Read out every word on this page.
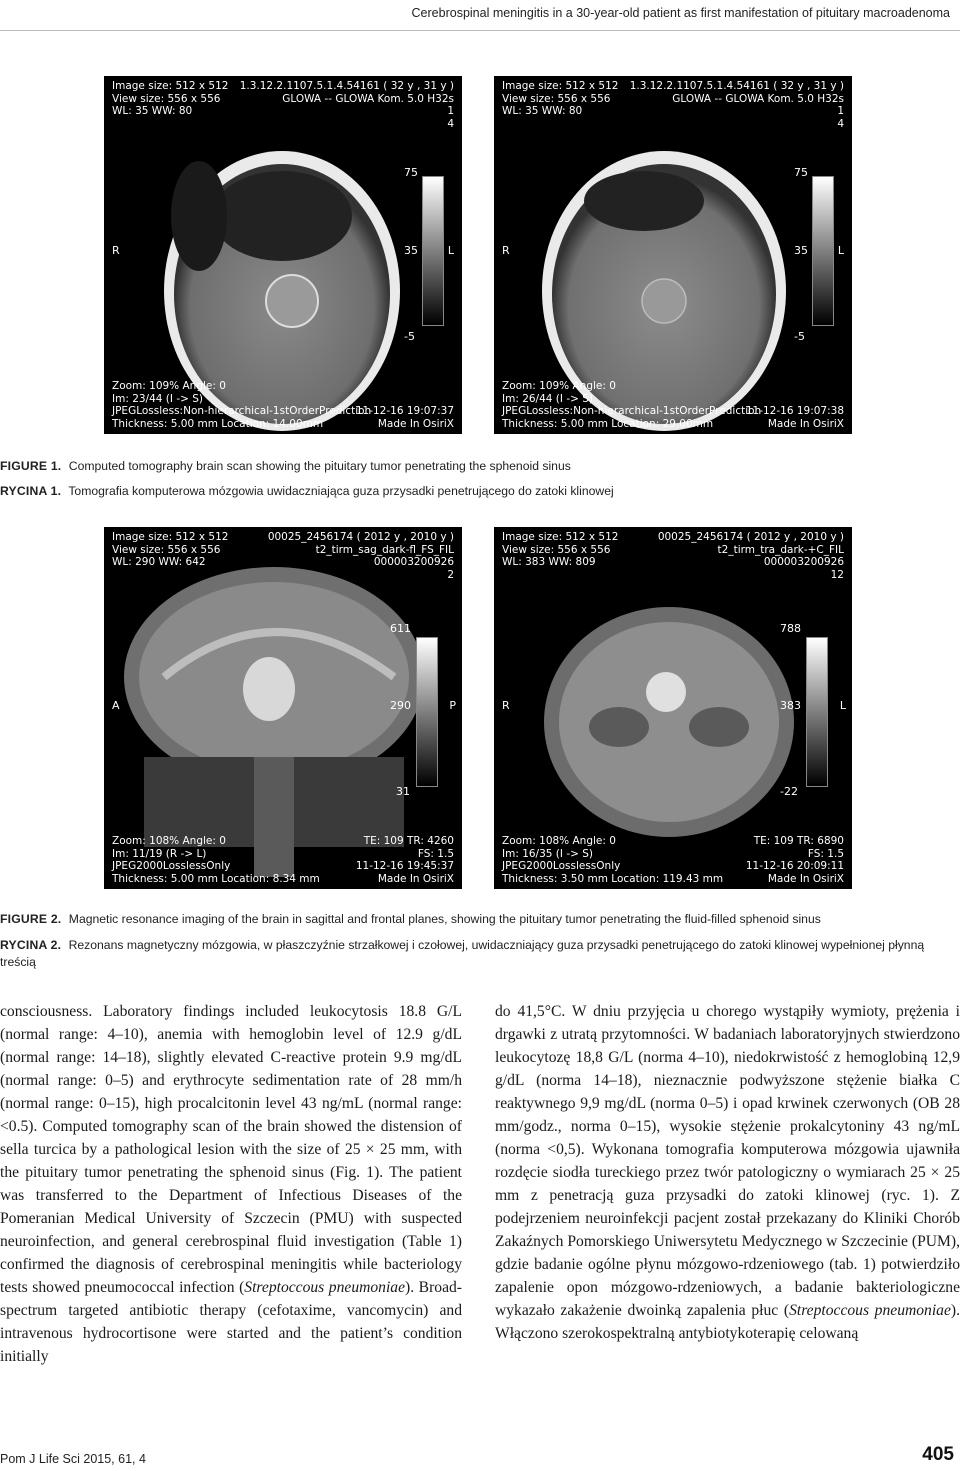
Cerebrospinal meningitis in a 30-year-old patient as first manifestation of pituitary macroadenoma
Image size: 512 x 512
View size: 556 x 556
WL: 35 WW: 80
1.3.12.2.1107.5.1.4.54161 ( 32 y , 31 y )
GLOWA -- GLOWA Kom. 5.0 H32s
1
4
75
35
-5
R	L
Zoom: 109% Angle: 0
Im: 23/44 (I -> S)
JPEGLossless:Non-hierarchical-1stOrderPrediction
Thickness: 5.00 mm Location: 14.00mm
11-12-16 19:07:37
Made In OsiriX
Image size: 512 x 512
View size: 556 x 556
WL: 35 WW: 80
1.3.12.2.1107.5.1.4.54161 ( 32 y , 31 y )
GLOWA -- GLOWA Kom. 5.0 H32s
1
4
75
35
-5
R	L
Zoom: 109% Angle: 0
Im: 26/44 (I -> S)
JPEGLossless:Non-hierarchical-1stOrderPrediction
Thickness: 5.00 mm Location: 29.00mm
11-12-16 19:07:38
Made In OsiriX
FIGURE 1. Computed tomography brain scan showing the pituitary tumor penetrating the sphenoid sinus
RYCINA 1. Tomografia komputerowa mózgowia uwidaczniająca guza przysadki penetrującego do zatoki klinowej
Image size: 512 x 512
View size: 556 x 556
WL: 290 WW: 642
00025_2456174 ( 2012 y , 2010 y )
t2_tirm_sag_dark-fl_FS_FIL
000003200926
2
611
290
31
A	P
Zoom: 108% Angle: 0
Im: 11/19 (R -> L)
JPEG2000LosslessOnly
Thickness: 5.00 mm Location: 8.34 mm
TE: 109 TR: 4260
FS: 1.5
11-12-16 19:45:37
Made In OsiriX
Image size: 512 x 512
View size: 556 x 556
WL: 383 WW: 809
00025_2456174 ( 2012 y , 2010 y )
t2_tirm_tra_dark-+C_FIL
000003200926
12
788
383
-22
R	L
Zoom: 108% Angle: 0
Im: 16/35 (I -> S)
JPEG2000LosslessOnly
Thickness: 3.50 mm Location: 119.43 mm
TE: 109 TR: 6890
FS: 1.5
11-12-16 20:09:11
Made In OsiriX
FIGURE 2. Magnetic resonance imaging of the brain in sagittal and frontal planes, showing the pituitary tumor penetrating the fluid-filled sphenoid sinus
RYCINA 2. Rezonans magnetyczny mózgowia, w płaszczyźnie strzałkowej i czołowej, uwidaczniający guza przysadki penetrującego do zatoki klinowej wypełnionej płynną treścią

consciousness. Laboratory findings included leukocytosis 18.8 G/L (normal range: 4–10), anemia with hemoglobin level of 12.9 g/dL (normal range: 14–18), slightly elevated C-reactive protein 9.9 mg/dL (normal range: 0–5) and erythrocyte sedimentation rate of 28 mm/h (normal range: 0–15), high procalcitonin level 43 ng/mL (normal range: <0.5). Computed tomography scan of the brain showed the distension of sella turcica by a pathological lesion with the size of 25 × 25 mm, with the pituitary tumor penetrating the sphenoid sinus (Fig. 1). The patient was transferred to the Department of Infectious Diseases of the Pomeranian Medical University of Szczecin (PMU) with suspected neuroinfection, and general cerebrospinal fluid investigation (Table 1) confirmed the diagnosis of cerebrospinal meningitis while bacteriology tests showed pneumococcal infection (Streptoccous pneumoniae). Broad-spectrum targeted antibiotic therapy (cefotaxime, vancomycin) and intravenous hydrocortisone were started and the patient’s condition initially

do 41,5°C. W dniu przyjęcia u chorego wystąpiły wymioty, prężenia i drgawki z utratą przytomności. W badaniach laboratoryjnych stwierdzono leukocytozę 18,8 G/L (norma 4–10), niedokrwistość z hemoglobiną 12,9 g/dL (norma 14–18), nieznacznie podwyższone stężenie białka C reaktywnego 9,9 mg/dL (norma 0–5) i opad krwinek czerwonych (OB 28 mm/godz., norma 0–15), wysokie stężenie prokalcytoniny 43 ng/mL (norma <0,5). Wykonana tomografia komputerowa mózgowia ujawniła rozdęcie siodła tureckiego przez twór patologiczny o wymiarach 25 × 25 mm z penetracją guza przysadki do zatoki klinowej (ryc. 1). Z podejrzeniem neuroinfekcji pacjent został przekazany do Kliniki Chorób Zakaźnych Pomorskiego Uniwersytetu Medycznego w Szczecinie (PUM), gdzie badanie ogólne płynu mózgowo-rdzeniowego (tab. 1) potwierdziło zapalenie opon mózgowo-rdzeniowych, a badanie bakteriologiczne wykazało zakażenie dwoinką zapalenia płuc (Streptoccous pneumoniae). Włączono szerokospektralną antybiotykoterapię celowaną

Pom J Life Sci 2015, 61, 4	405
